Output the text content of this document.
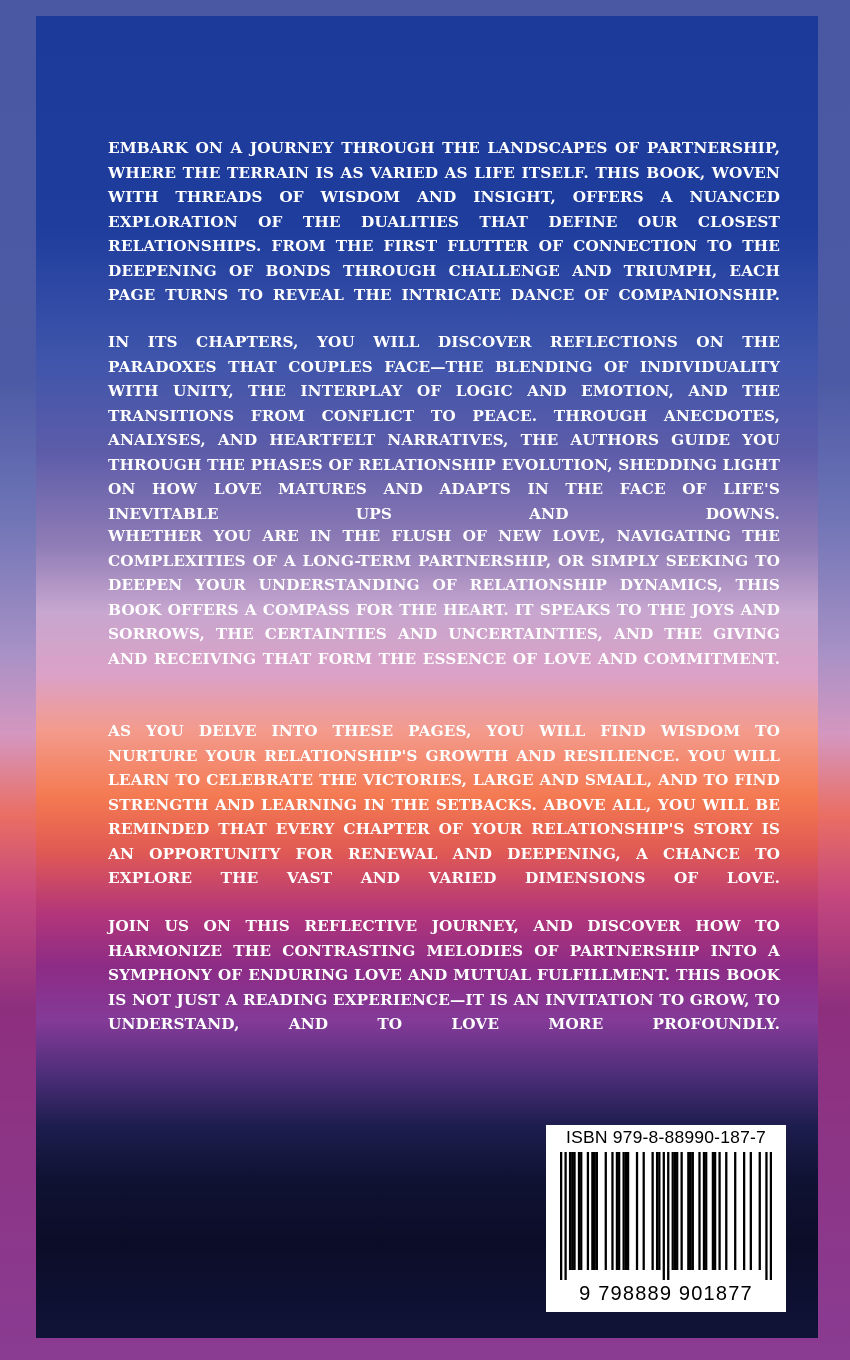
EMBARK ON A JOURNEY THROUGH THE LANDSCAPES OF PARTNERSHIP, WHERE THE TERRAIN IS AS VARIED AS LIFE ITSELF. THIS BOOK, WOVEN WITH THREADS OF WISDOM AND INSIGHT, OFFERS A NUANCED EXPLORATION OF THE DUALITIES THAT DEFINE OUR CLOSEST RELATIONSHIPS. FROM THE FIRST FLUTTER OF CONNECTION TO THE DEEPENING OF BONDS THROUGH CHALLENGE AND TRIUMPH, EACH PAGE TURNS TO REVEAL THE INTRICATE DANCE OF COMPANIONSHIP.

IN ITS CHAPTERS, YOU WILL DISCOVER REFLECTIONS ON THE PARADOXES THAT COUPLES FACE—THE BLENDING OF INDIVIDUALITY WITH UNITY, THE INTERPLAY OF LOGIC AND EMOTION, AND THE TRANSITIONS FROM CONFLICT TO PEACE. THROUGH ANECDOTES, ANALYSES, AND HEARTFELT NARRATIVES, THE AUTHORS GUIDE YOU THROUGH THE PHASES OF RELATIONSHIP EVOLUTION, SHEDDING LIGHT ON HOW LOVE MATURES AND ADAPTS IN THE FACE OF LIFE'S INEVITABLE UPS AND DOWNS.

WHETHER YOU ARE IN THE FLUSH OF NEW LOVE, NAVIGATING THE COMPLEXITIES OF A LONG-TERM PARTNERSHIP, OR SIMPLY SEEKING TO DEEPEN YOUR UNDERSTANDING OF RELATIONSHIP DYNAMICS, THIS BOOK OFFERS A COMPASS FOR THE HEART. IT SPEAKS TO THE JOYS AND SORROWS, THE CERTAINTIES AND UNCERTAINTIES, AND THE GIVING AND RECEIVING THAT FORM THE ESSENCE OF LOVE AND COMMITMENT.

AS YOU DELVE INTO THESE PAGES, YOU WILL FIND WISDOM TO NURTURE YOUR RELATIONSHIP'S GROWTH AND RESILIENCE. YOU WILL LEARN TO CELEBRATE THE VICTORIES, LARGE AND SMALL, AND TO FIND STRENGTH AND LEARNING IN THE SETBACKS. ABOVE ALL, YOU WILL BE REMINDED THAT EVERY CHAPTER OF YOUR RELATIONSHIP'S STORY IS AN OPPORTUNITY FOR RENEWAL AND DEEPENING, A CHANCE TO EXPLORE THE VAST AND VARIED DIMENSIONS OF LOVE.

JOIN US ON THIS REFLECTIVE JOURNEY, AND DISCOVER HOW TO HARMONIZE THE CONTRASTING MELODIES OF PARTNERSHIP INTO A SYMPHONY OF ENDURING LOVE AND MUTUAL FULFILLMENT. THIS BOOK IS NOT JUST A READING EXPERIENCE—IT IS AN INVITATION TO GROW, TO UNDERSTAND, AND TO LOVE MORE PROFOUNDLY.

ISBN 979-8-88990-187-7
9 798889 901877
